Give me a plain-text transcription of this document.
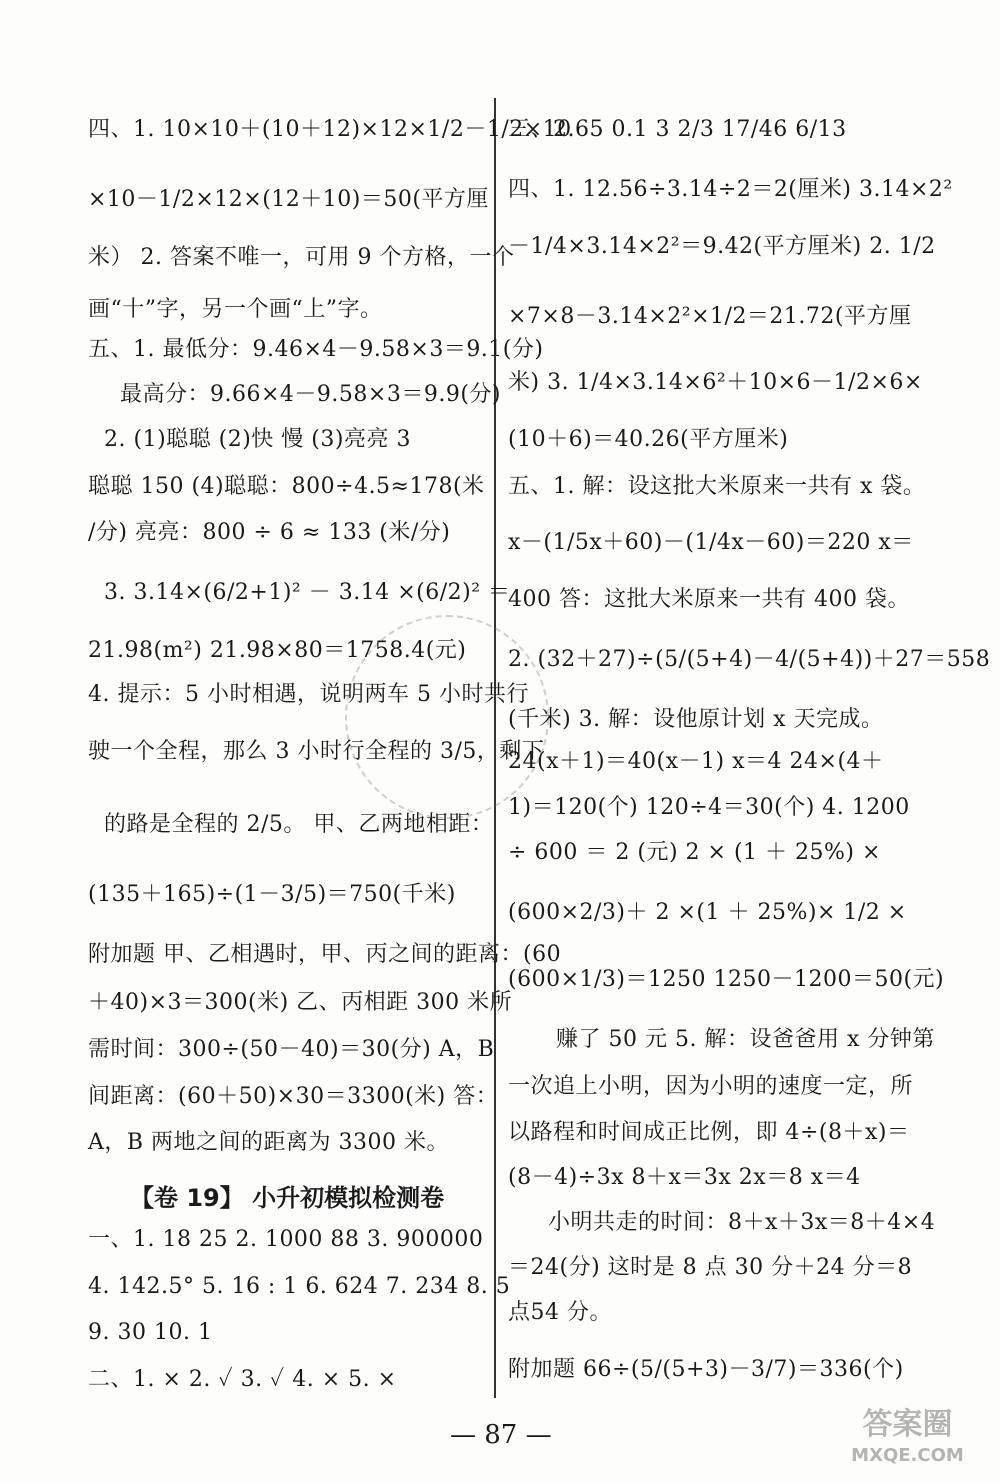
四、1. 10×10＋(10＋12)×12×1/2－1/2×10
×10－1/2×12×(12＋10)＝50(平方厘
米） 2. 答案不唯一，可用 9 个方格，一个
画“十”字，另一个画“上”字。
五、1. 最低分：9.46×4－9.58×3＝9.1(分)
最高分：9.66×4－9.58×3＝9.9(分)
2. (1)聪聪 (2)快 慢 (3)亮亮 3
聪聪 150 (4)聪聪：800÷4.5≈178(米
/分) 亮亮：800 ÷ 6 ≈ 133 (米/分)
3. 3.14×(6/2+1)² － 3.14 ×(6/2)² ＝
21.98(m²) 21.98×80＝1758.4(元)
4. 提示：5 小时相遇，说明两车 5 小时共行
驶一个全程，那么 3 小时行全程的 3/5，剩下
的路是全程的 2/5。 甲、乙两地相距：
(135＋165)÷(1－3/5)＝750(千米)
附加题 甲、乙相遇时，甲、丙之间的距离：(60
＋40)×3＝300(米) 乙、丙相距 300 米所
需时间：300÷(50－40)＝30(分) A，B
间距离：(60＋50)×30＝3300(米) 答：
A，B 两地之间的距离为 3300 米。
一、1. 18 25 2. 1000 88 3. 900000
4. 142.5° 5. 16 : 1 6. 624 7. 234 8. 5
9. 30 10. 1
二、1. × 2. ✓ 3. ✓ 4. × 5. ×
三、2.65 0.1 3 2/3 17/46 6/13
四、1. 12.56÷3.14÷2＝2(厘米) 3.14×2²
－1/4×3.14×2²＝9.42(平方厘米) 2. 1/2
×7×8－3.14×2²×1/2＝21.72(平方厘
米) 3. 1/4×3.14×6²＋10×6－1/2×6×
(10＋6)＝40.26(平方厘米)
五、1. 解：设这批大米原来一共有 x 袋。
x－(1/5x＋60)－(1/4x－60)＝220 x＝
400 答：这批大米原来一共有 400 袋。
2. (32＋27)÷(5/(5+4)－4/(5+4))＋27＝558
(千米) 3. 解：设他原计划 x 天完成。
24(x＋1)＝40(x－1) x＝4 24×(4＋
1)＝120(个) 120÷4＝30(个) 4. 1200
÷ 600 ＝ 2 (元) 2 × (1 ＋ 25%) ×
(600×2/3)＋ 2 ×(1 ＋ 25%)× 1/2 ×
(600×1/3)＝1250 1250－1200＝50(元)
赚了 50 元 5. 解：设爸爸用 x 分钟第
一次追上小明，因为小明的速度一定，所
以路程和时间成正比例，即 4÷(8＋x)＝
(8－4)÷3x 8＋x＝3x 2x＝8 x＝4
小明共走的时间：8＋x＋3x＝8＋4×4
＝24(分) 这时是 8 点 30 分＋24 分＝8
点54 分。
附加题 66÷(5/(5+3)－3/7)＝336(个)
【卷 19】 小升初模拟检测卷
— 87 —	答案圈
MXQE.COM
